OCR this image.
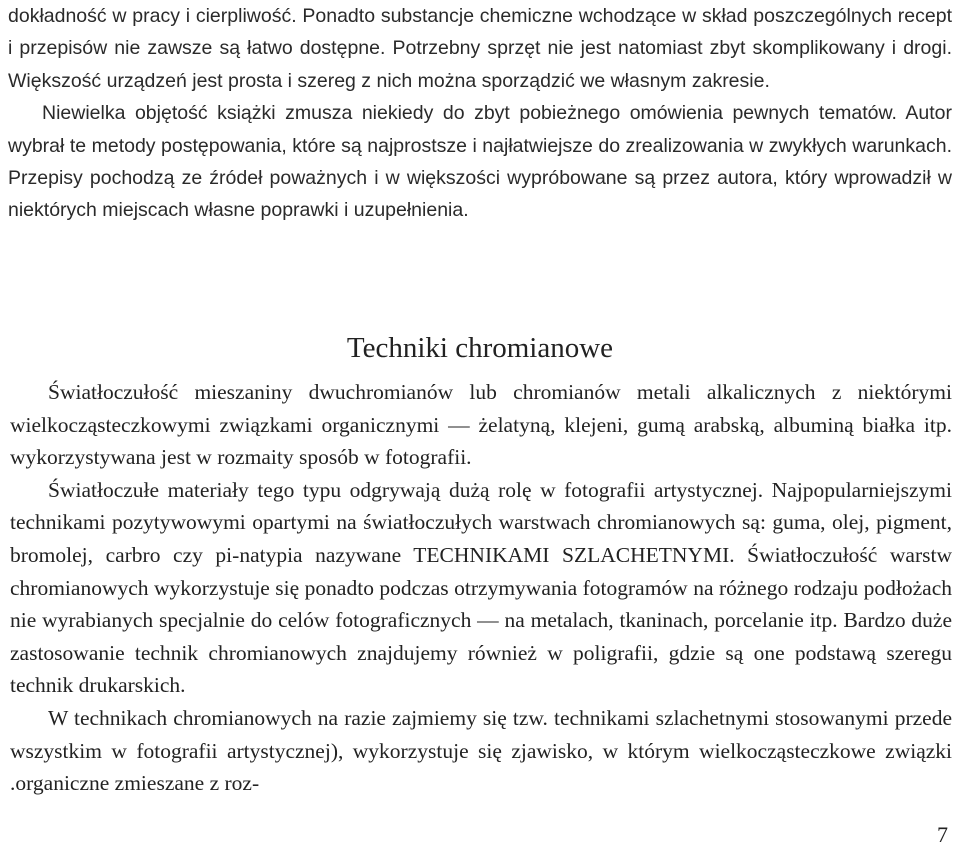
dokładność w pracy i cierpliwość. Ponadto substancje chemiczne wchodzące w skład poszczególnych recept i przepisów nie zawsze są łatwo dostępne. Potrzebny sprzęt nie jest natomiast zbyt skomplikowany i drogi. Większość urządzeń jest prosta i szereg z nich można sporządzić we własnym zakresie.

Niewielka objętość książki zmusza niekiedy do zbyt pobieżnego omówienia pewnych tematów. Autor wybrał te metody postępowania, które są najprostsze i najłatwiejsze do zrealizowania w zwykłych warunkach. Przepisy pochodzą ze źródeł poważnych i w większości wypróbowane są przez autora, który wprowadził w niektórych miejscach własne poprawki i uzupełnienia.

Techniki chromianowe

Światłoczułość mieszaniny dwuchromianów lub chromianów metali alkalicznych z niektórymi wielkocząsteczkowymi związkami organicznymi — żelatyną, klejeni, gumą arabską, albuminą białka itp. wykorzystywana jest w rozmaity sposób w fotografii.

Światłoczułe materiały tego typu odgrywają dużą rolę w fotografii artystycznej. Najpopularniejszymi technikami pozytywowymi opartymi na światłoczułych warstwach chromianowych są: guma, olej, pigment, bromolej, carbro czy pi-natypia nazywane TECHNIKAMI SZLACHETNYMI. Światłoczułość warstw chromianowych wykorzystuje się ponadto podczas otrzymywania fotogramów na różnego rodzaju podłożach nie wyrabianych specjalnie do celów fotograficznych — na metalach, tkaninach, porcelanie itp. Bardzo duże zastosowanie technik chromianowych znajdujemy również w poligrafii, gdzie są one podstawą szeregu technik drukarskich.

W technikach chromianowych na razie zajmiemy się tzw. technikami szlachetnymi stosowanymi przede wszystkim w fotografii artystycznej), wykorzystuje się zjawisko, w którym wielkocząsteczkowe związki .organiczne zmieszane z roz-

7
